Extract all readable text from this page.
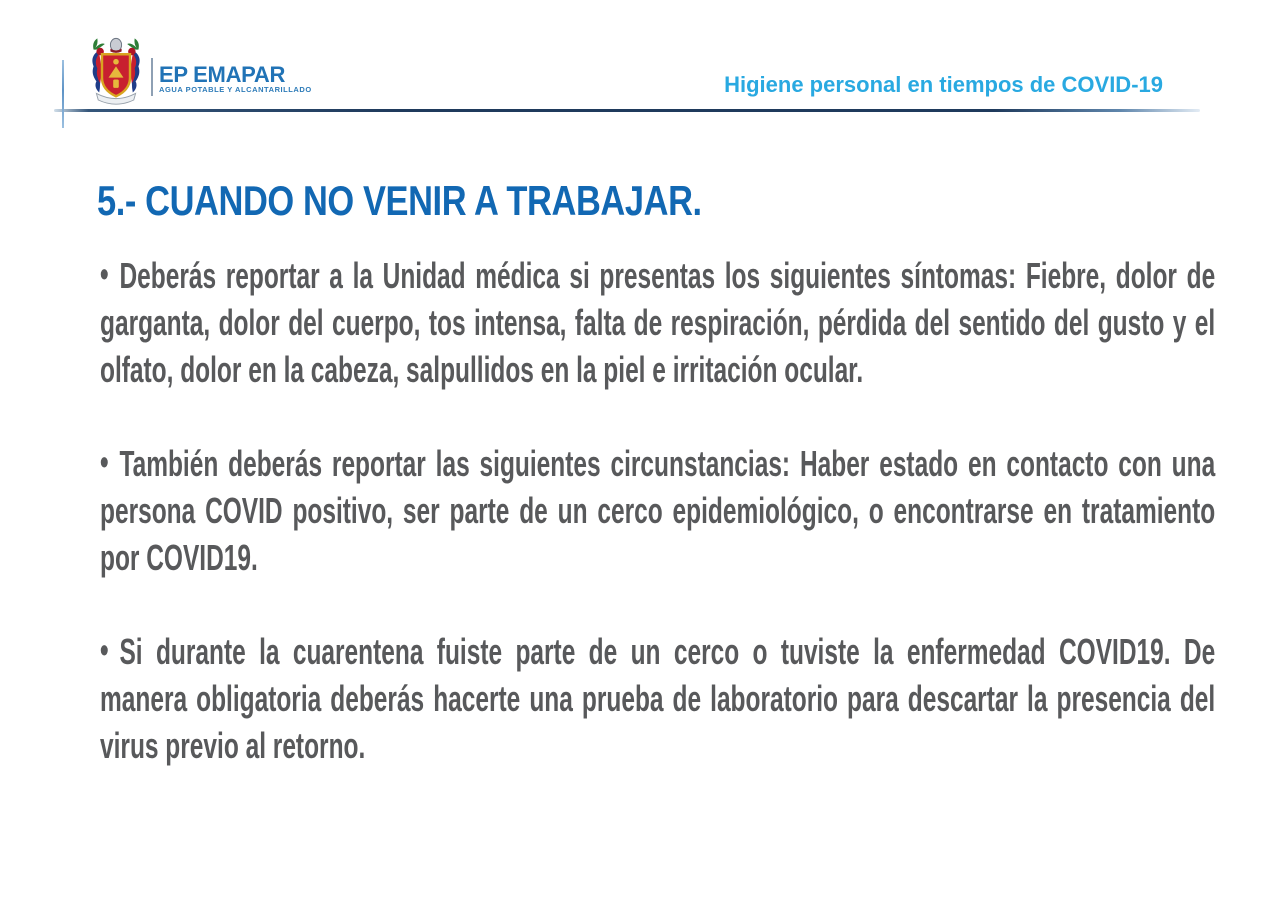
EP EMAPAR
AGUA POTABLE Y ALCANTARILLADO	Higiene personal en tiempos de COVID-19
5.- CUANDO NO VENIR A TRABAJAR.

• Deberás reportar a la Unidad médica si presentas los siguientes síntomas: Fiebre, dolor de garganta, dolor del cuerpo, tos intensa, falta de respiración, pérdida del sentido del gusto y el olfato, dolor en la cabeza, salpullidos en la piel e irritación ocular.

• También deberás reportar las siguientes circunstancias: Haber estado en contacto con una persona COVID positivo, ser parte de un cerco epidemiológico, o encontrarse en tratamiento por COVID19.

• Si durante la cuarentena fuiste parte de un cerco o tuviste la enfermedad COVID19. De manera obligatoria deberás hacerte una prueba de laboratorio para descartar la presencia del virus previo al retorno.
